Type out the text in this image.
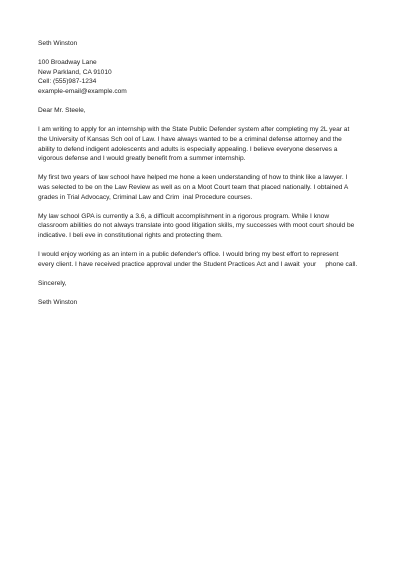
Seth Winston
100 Broadway Lane
New Parkland, CA 91010
Cell: (555)987-1234
example-email@example.com
Dear Mr. Steele,
I am writing to apply for an internship with the State Public Defender system after completing my 2L year at
the University of Kansas Sch ool of Law. I have always wanted to be a criminal defense attorney and the
ability to defend indigent adolescents and adults is especially appealing. I believe everyone deserves a
vigorous defense and I would greatly benefit from a summer internship.
My first two years of law school have helped me hone a keen understanding of how to think like a lawyer. I
was selected to be on the Law Review as well as on a Moot Court team that placed nationally. I obtained A
grades in Trial Advocacy, Criminal Law and Crim  inal Procedure courses.
My law school GPA is currently a 3.6, a difficult accomplishment in a rigorous program. While I know
classroom abilities do not always translate into good litigation skills, my successes with moot court should be
indicative. I beli eve in constitutional rights and protecting them.
I would enjoy working as an intern in a public defender's office. I would bring my best effort to represent
every client. I have received practice approval under the Student Practices Act and I await  your     phone call.
Sincerely,
Seth Winston
